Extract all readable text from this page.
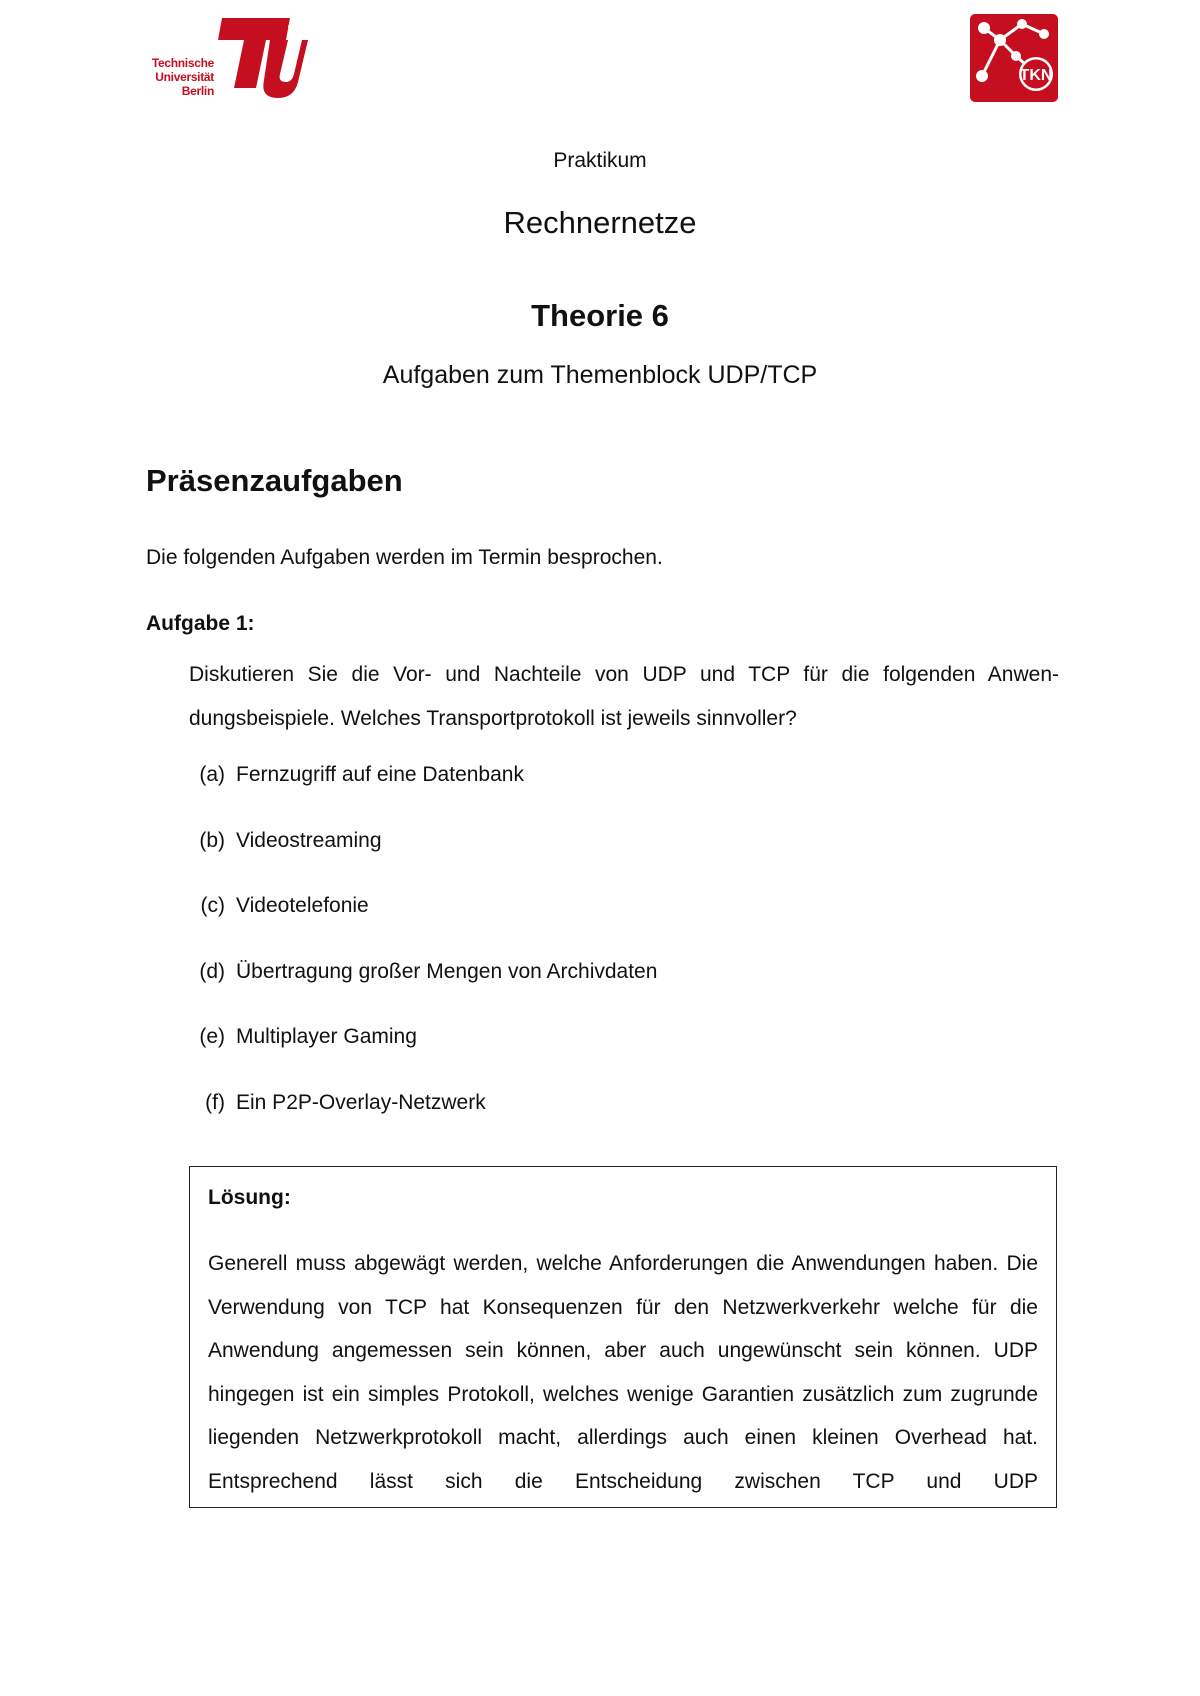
Technische
Universität
Berlin
berlin
TKN
Praktikum
Rechnernetze
Theorie 6
Aufgaben zum Themenblock UDP/TCP
Präsenzaufgaben
Die folgenden Aufgaben werden im Termin besprochen.
Aufgabe 1:
Diskutieren Sie die Vor- und Nachteile von UDP und TCP für die folgenden Anwen-dungsbeispiele. Welches Transportprotokoll ist jeweils sinnvoller?
(a) Fernzugriff auf eine Datenbank
(b) Videostreaming
(c) Videotelefonie
(d) Übertragung großer Mengen von Archivdaten
(e) Multiplayer Gaming
(f) Ein P2P-Overlay-Netzwerk
Lösung:
Generell muss abgewägt werden, welche Anforderungen die Anwendungen haben. Die Verwendung von TCP hat Konsequenzen für den Netzwerkverkehr welche für die Anwendung angemessen sein können, aber auch ungewünscht sein können. UDP hingegen ist ein simples Protokoll, welches wenige Garantien zusätzlich zum zugrunde liegenden Netzwerkprotokoll macht, allerdings auch einen kleinen Overhead hat. Entsprechend lässt sich die Entscheidung zwischen TCP und UDP
